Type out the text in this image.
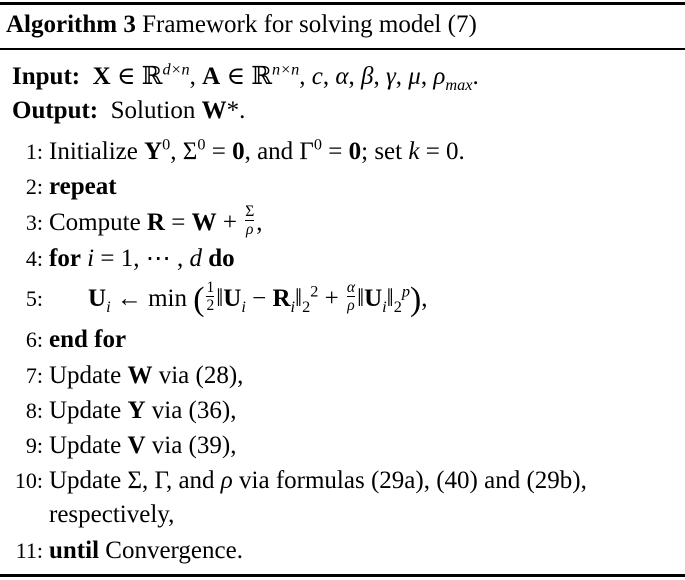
Algorithm 3 Framework for solving model (7)
Input: X ∈ ℝ$^{d\times n}$, A ∈ ℝ$^{n\times n}$, c, α, β, γ, μ, $\rho_{max}$.
Output:  Solution W*.
1: Initialize $Y^0$, $\Sigma^0 = 0$, and $\Gamma^0 = 0$; set k = 0.
2: repeat
3: Compute $R = W + \frac{\Sigma}{\rho}$ ,
4: for i = 1, ⋯ , d do
5: $U_i$ ← min ( $\frac{1}{2}$ $‖U_i$ − $R_i‖_2^2 + \frac{\alpha}{\rho}$ $‖U_i‖_2^p$),
6: end for
7: Update W via (28),
8: Update Y via (36),
9: Update V via (39),
10: Update Σ, Γ, and ρ via formulas (29a), (40) and (29b),
respectively,
11: until Convergence.
